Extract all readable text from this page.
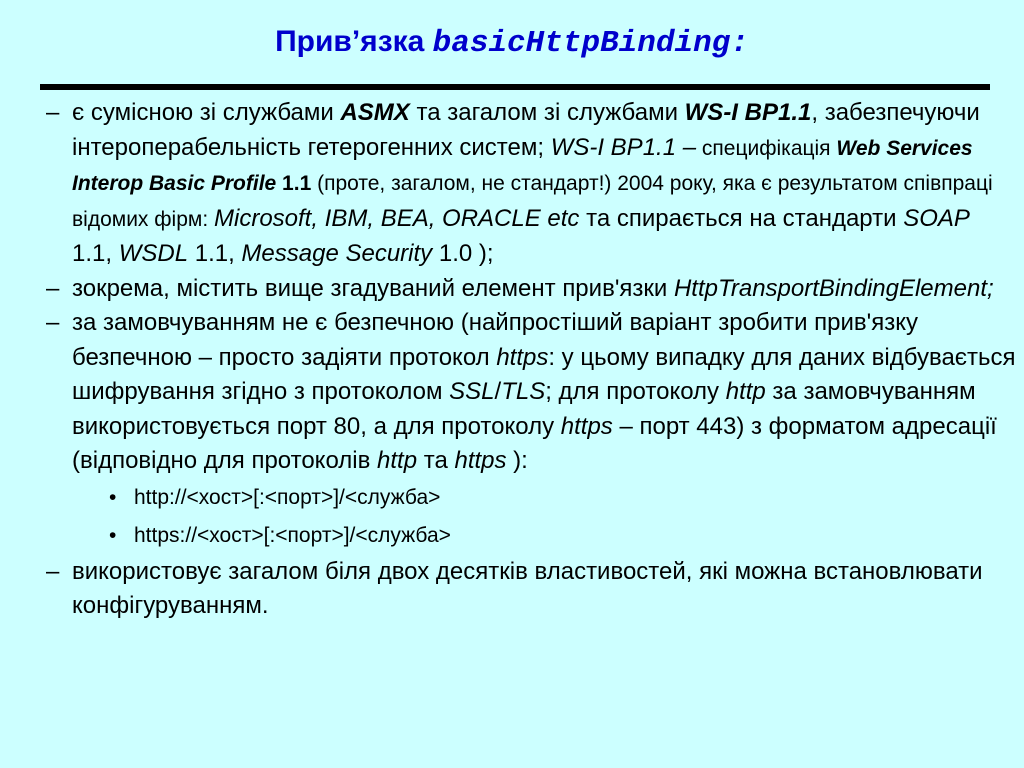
Прив’язка basicHttpBinding:
– є сумісною зі службами ASMX та загалом зі службами WS-I BP1.1, забезпечуючи інтероперабельність гетерогенних систем; WS-I BP1.1 – специфікація Web Services Interop Basic Profile 1.1 (проте, загалом, не стандарт!) 2004 року, яка є результатом співпраці відомих фірм: Microsoft, IBM, BEA, ORACLE etc та спирається на стандарти SOAP 1.1, WSDL 1.1, Message Security 1.0 );
– зокрема, містить вище згадуваний елемент прив'язки HttpTransportBindingElement;
– за замовчуванням не є безпечною (найпростіший варіант зробити прив'язку безпечною – просто задіяти протокол https: у цьому випадку для даних відбувається шифрування згідно з протоколом SSL/TLS; для протоколу http за замовчуванням використовується порт 80, а для протоколу https – порт 443) з форматом адресації (відповідно для протоколів http та https ):
• http://<хост>[:<порт>]/<служба>
• https://<хост>[:<порт>]/<служба>
– використовує загалом біля двох десятків властивостей, які можна встановлювати конфігуруванням.
